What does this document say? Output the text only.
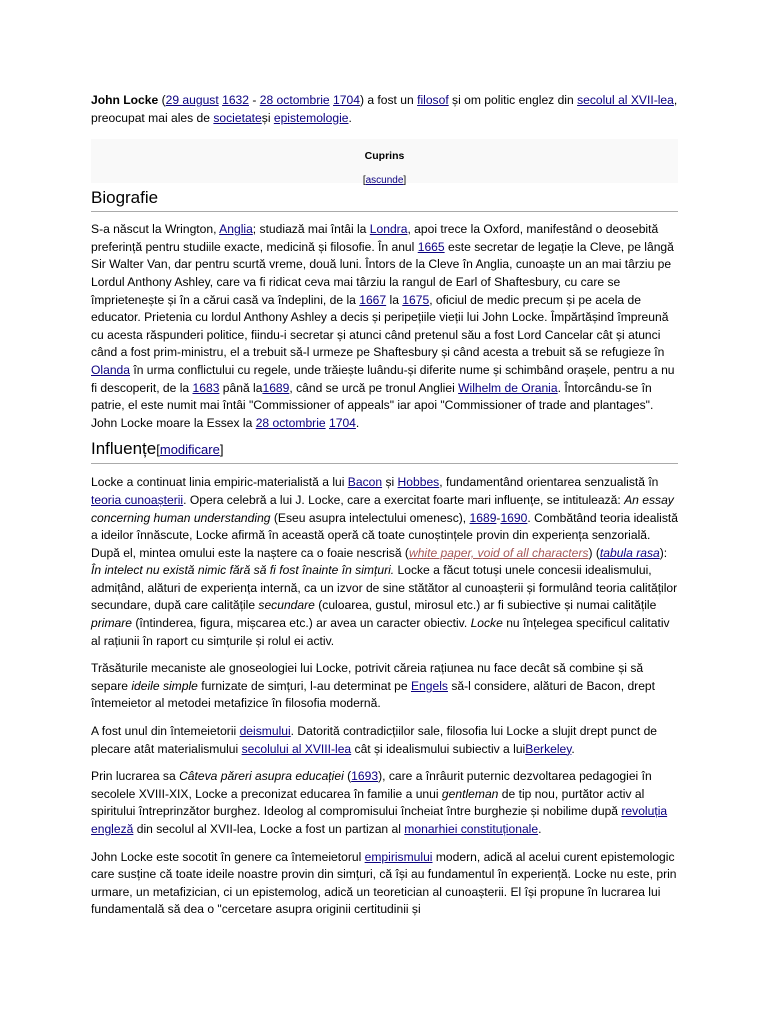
John Locke (29 august 1632 - 28 octombrie 1704) a fost un filosof și om politic englez din secolul al XVII-lea, preocupat mai ales de societateși epistemologie.

Cuprins
[ascunde]
Biografie

S-a născut la Wrington, Anglia; studiază mai întâi la Londra, apoi trece la Oxford, manifestând o deosebită preferință pentru studiile exacte, medicină și filosofie. În anul 1665 este secretar de legație la Cleve, pe lângă Sir Walter Van, dar pentru scurtă vreme, două luni. Întors de la Cleve în Anglia, cunoaște un an mai târziu pe Lordul Anthony Ashley, care va fi ridicat ceva mai târziu la rangul de Earl of Shaftesbury, cu care se împrietenește și în a cărui casă va îndeplini, de la 1667 la 1675, oficiul de medic precum și pe acela de educator. Prietenia cu lordul Anthony Ashley a decis și peripețiile vieții lui John Locke. Împărtășind împreună cu acesta răspunderi politice, fiindu-i secretar și atunci când pretenul său a fost Lord Cancelar cât și atunci când a fost prim-ministru, el a trebuit să-l urmeze pe Shaftesbury și când acesta a trebuit să se refugieze în Olanda în urma conflictului cu regele, unde trăiește luându-și diferite nume și schimbând orașele, pentru a nu fi descoperit, de la 1683 până la1689, când se urcă pe tronul Angliei Wilhelm de Orania. Întorcându-se în patrie, el este numit mai întâi "Commissioner of appeals" iar apoi "Commissioner of trade and plantages". John Locke moare la Essex la 28 octombrie 1704.

Influențe[modificare]

Locke a continuat linia empiric-materialistă a lui Bacon și Hobbes, fundamentând orientarea senzualistă în teoria cunoașterii. Opera celebră a lui J. Locke, care a exercitat foarte mari influențe, se intitulează: An essay concerning human understanding (Eseu asupra intelectului omenesc), 1689-1690. Combătând teoria idealistă a ideilor înnăscute, Locke afirmă în această operă că toate cunoștințele provin din experiența senzorială. După el, mintea omului este la naștere ca o foaie nescrisă (white paper, void of all characters) (tabula rasa): În intelect nu există nimic fără să fi fost înainte în simțuri. Locke a făcut totuși unele concesii idealismului, admițând, alături de experiența internă, ca un izvor de sine stătător al cunoașterii și formulând teoria calităților secundare, după care calitățile secundare (culoarea, gustul, mirosul etc.) ar fi subiective și numai calitățile primare (întinderea, figura, mișcarea etc.) ar avea un caracter obiectiv. Locke nu înțelegea specificul calitativ al rațiunii în raport cu simțurile și rolul ei activ.

Trăsăturile mecaniste ale gnoseologiei lui Locke, potrivit căreia rațiunea nu face decât să combine și să separe ideile simple furnizate de simțuri, l-au determinat pe Engels să-l considere, alături de Bacon, drept întemeietor al metodei metafizice în filosofia modernă.

A fost unul din întemeietorii deismului. Datorită contradicțiilor sale, filosofia lui Locke a slujit drept punct de plecare atât materialismului secolului al XVIII-lea cât și idealismului subiectiv a luiBerkeley.

Prin lucrarea sa Câteva păreri asupra educației (1693), care a înrâurit puternic dezvoltarea pedagogiei în secolele XVIII-XIX, Locke a preconizat educarea în familie a unui gentleman de tip nou, purtător activ al spiritului întreprinzător burghez. Ideolog al compromisului încheiat între burghezie și nobilime după revoluția engleză din secolul al XVII-lea, Locke a fost un partizan al monarhiei constituționale.

John Locke este socotit în genere ca întemeietorul empirismului modern, adică al acelui curent epistemologic care susține că toate ideile noastre provin din simțuri, că își au fundamentul în experiență. Locke nu este, prin urmare, un metafizician, ci un epistemolog, adică un teoretician al cunoașterii. El își propune în lucrarea lui fundamentală să dea o "cercetare asupra originii certitudinii și
